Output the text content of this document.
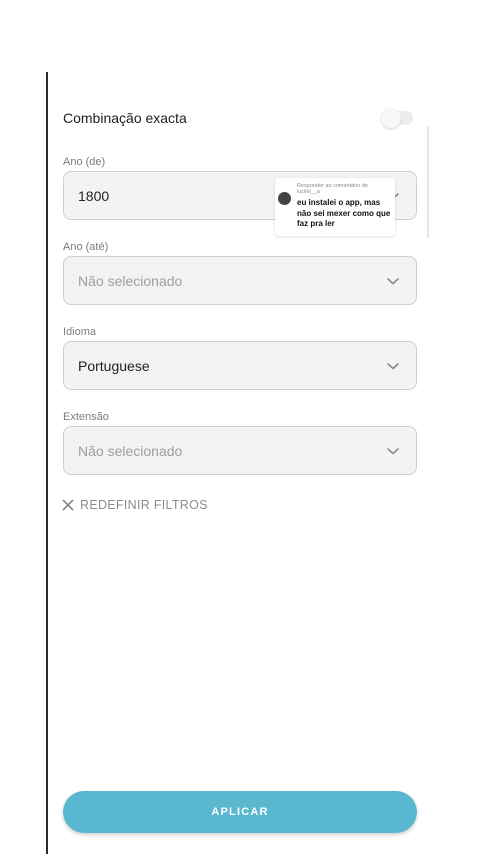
Combinação exacta
Ano (de)
1800
Ano (até)
Não selecionado
Idioma
Portuguese
Extensão
Não selecionado
Responder ao comentário de
lucilei__a
eu instalei o app, mas não sei mexer como que faz pra ler
REDEFINIR FILTROS
APLICAR
